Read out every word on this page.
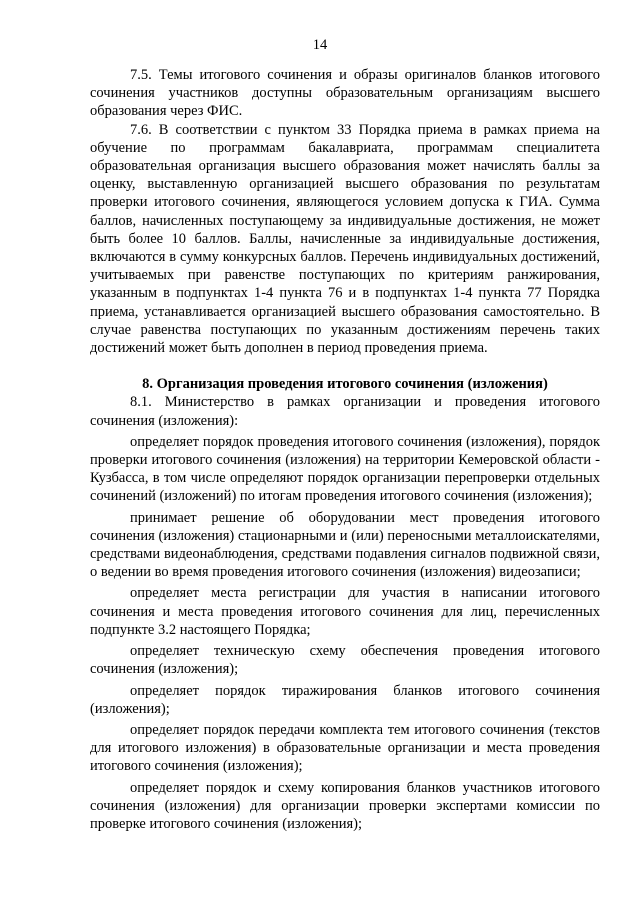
14

7.5. Темы итогового сочинения и образы оригиналов бланков итогового сочинения участников доступны образовательным организациям высшего образования через ФИС.

7.6. В соответствии с пунктом 33 Порядка приема в рамках приема на обучение по программам бакалавриата, программам специалитета образовательная организация высшего образования может начислять баллы за оценку, выставленную организацией высшего образования по результатам проверки итогового сочинения, являющегося условием допуска к ГИА. Сумма баллов, начисленных поступающему за индивидуальные достижения, не может быть более 10 баллов. Баллы, начисленные за индивидуальные достижения, включаются в сумму конкурсных баллов. Перечень индивидуальных достижений, учитываемых при равенстве поступающих по критериям ранжирования, указанным в подпунктах 1-4 пункта 76 и в подпунктах 1-4 пункта 77 Порядка приема, устанавливается организацией высшего образования самостоятельно. В случае равенства поступающих по указанным достижениям перечень таких достижений может быть дополнен в период проведения приема.

8. Организация проведения итогового сочинения (изложения)

8.1. Министерство в рамках организации и проведения итогового сочинения (изложения):

определяет порядок проведения итогового сочинения (изложения), порядок проверки итогового сочинения (изложения) на территории Кемеровской области - Кузбасса, в том числе определяют порядок организации перепроверки отдельных сочинений (изложений) по итогам проведения итогового сочинения (изложения);

принимает решение об оборудовании мест проведения итогового сочинения (изложения) стационарными и (или) переносными металлоискателями, средствами видеонаблюдения, средствами подавления сигналов подвижной связи, о ведении во время проведения итогового сочинения (изложения) видеозаписи;

определяет места регистрации для участия в написании итогового сочинения и места проведения итогового сочинения для лиц, перечисленных подпункте 3.2 настоящего Порядка;

определяет техническую схему обеспечения проведения итогового сочинения (изложения);

определяет порядок тиражирования бланков итогового сочинения (изложения);

определяет порядок передачи комплекта тем итогового сочинения (текстов для итогового изложения) в образовательные организации и места проведения итогового сочинения (изложения);

определяет порядок и схему копирования бланков участников итогового сочинения (изложения) для организации проверки экспертами комиссии по проверке итогового сочинения (изложения);
